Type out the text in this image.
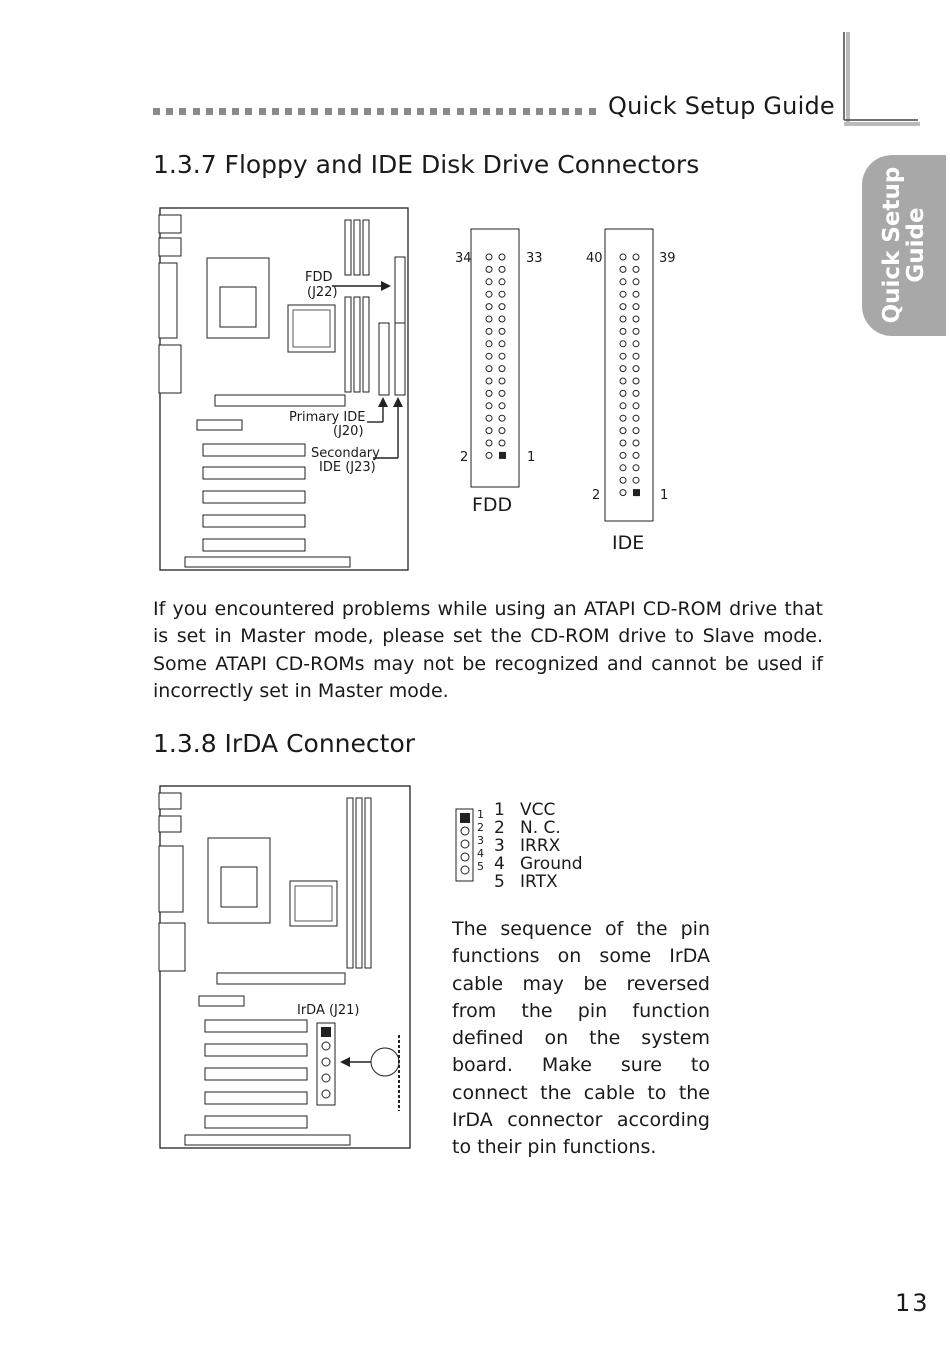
Quick Setup Guide
Quick Setup
Guide
1.3.7 Floppy and IDE Disk Drive Connectors
FDD
(J22)
Primary IDE
(J20)
Secondary
IDE (J23)
34	33
2	1
FDD
40	39
2	1
IDE
If you encountered problems while using an ATAPI CD-ROM drive that is set in Master mode, please set the CD-ROM drive to Slave mode. Some ATAPI CD-ROMs may not be recognized and cannot be used if incorrectly set in Master mode.
1.3.8 IrDA Connector
IrDA (J21)
1
2
3
4
5
1 VCC
2 N. C.
3 IRRX
4 Ground
5 IRTX
The sequence of the pin functions on some IrDA cable may be reversed from the pin function defined on the system board. Make sure to connect the cable to the IrDA connector according to their pin functions.
13
